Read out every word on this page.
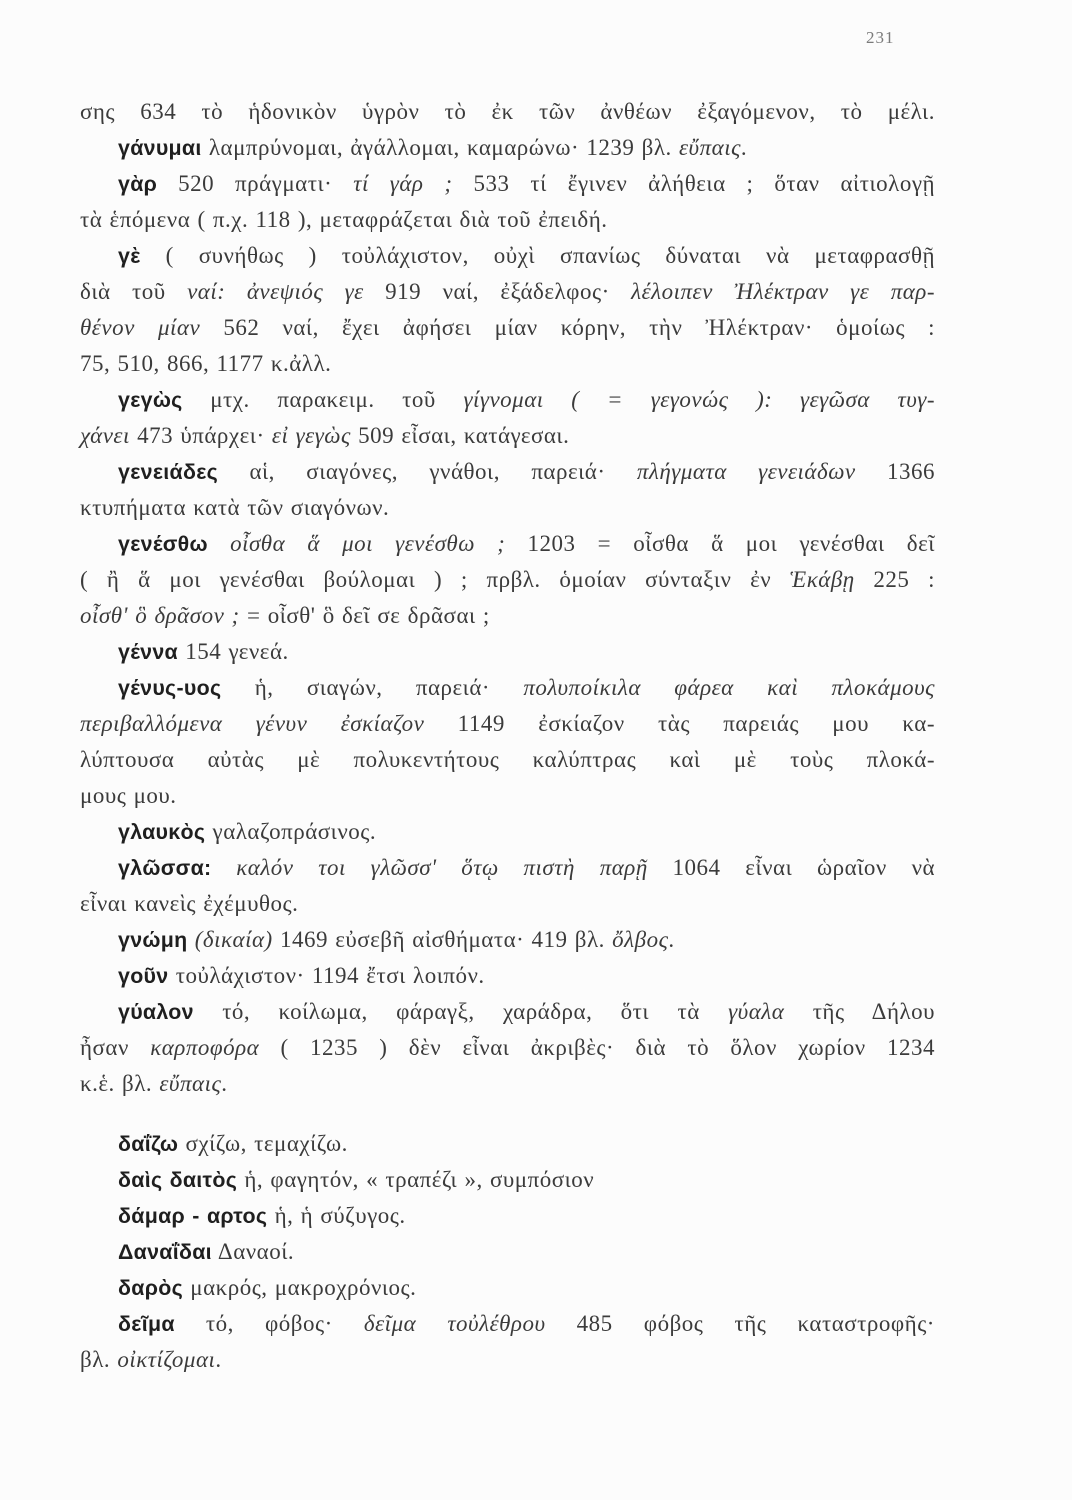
231
σης 634 τὸ ἡδονικὸν ὑγρὸν τὸ ἐκ τῶν ἀνθέων ἐξαγόμενον, τὸ μέλι.
γάνυμαι λαμπρύνομαι, ἀγάλλομαι, καμαρώνω· 1239 βλ. εὔπαις.
γὰρ 520 πράγματι· τί γάρ ; 533 τί ἔγινεν ἀλήθεια ; ὅταν αἰτιολογῇ
τὰ ἑπόμενα ( π.χ. 118 ), μεταφράζεται διὰ τοῦ ἐπειδή.
γὲ ( συνήθως ) τοὐλάχιστον, οὐχὶ σπανίως δύναται νὰ μεταφρασθῇ
διὰ τοῦ ναί: ἀνεψιός γε 919 ναί, ἐξάδελφος· λέλοιπεν Ἠλέκτραν γε παρ-
θένον μίαν 562 ναί, ἔχει ἀφήσει μίαν κόρην, τὴν Ἠλέκτραν· ὁμοίως :
75, 510, 866, 1177 κ.ἀλλ.
γεγὼς μτχ. παρακειμ. τοῦ γίγνομαι ( = γεγονώς ): γεγῶσα τυγ-
χάνει 473 ὑπάρχει· εἰ γεγὼς 509 εἶσαι, κατάγεσαι.
γενειάδες αἱ, σιαγόνες, γνάθοι, παρειά· πλήγματα γενειάδων 1366
κτυπήματα κατὰ τῶν σιαγόνων.
γενέσθω οἶσθα ἅ μοι γενέσθω ; 1203 = οἶσθα ἅ μοι γενέσθαι δεῖ
( ἢ ἅ μοι γενέσθαι βούλομαι ) ; πρβλ. ὁμοίαν σύνταξιν ἐν Ἑκάβῃ 225 :
οἶσθ' ὃ δρᾶσον ; = οἶσθ' ὃ δεῖ σε δρᾶσαι ;
γέννα 154 γενεά.
γένυς-υος ἡ, σιαγών, παρειά· πολυποίκιλα φάρεα καὶ πλοκάμους
περιβαλλόμενα γένυν ἐσκίαζον 1149 ἐσκίαζον τὰς παρειάς μου κα-
λύπτουσα αὐτὰς μὲ πολυκεντήτους καλύπτρας καὶ μὲ τοὺς πλοκά-
μους μου.
γλαυκὸς γαλαζοπράσινος.
γλῶσσα: καλόν τοι γλῶσσ' ὅτῳ πιστὴ παρῇ 1064 εἶναι ὡραῖον νὰ
εἶναι κανεὶς ἐχέμυθος.
γνώμη (δικαία) 1469 εὐσεβῆ αἰσθήματα· 419 βλ. ὄλβος.
γοῦν τοὐλάχιστον· 1194 ἔτσι λοιπόν.
γύαλον τό, κοίλωμα, φάραγξ, χαράδρα, ὅτι τὰ γύαλα τῆς Δήλου
ἦσαν καρποφόρα ( 1235 ) δὲν εἶναι ἀκριβὲς· διὰ τὸ ὅλον χωρίον 1234
κ.ἑ. βλ. εὔπαις.
δαΐζω σχίζω, τεμαχίζω.
δαὶς δαιτὸς ἡ, φαγητόν, « τραπέζι », συμπόσιον
δάμαρ - αρτος ἡ, ἡ σύζυγος.
Δαναΐδαι Δαναοί.
δαρὸς μακρός, μακροχρόνιος.
δεῖμα τό, φόβος· δεῖμα τοὐλέθρου 485 φόβος τῆς καταστροφῆς·
βλ. οἰκτίζομαι.
